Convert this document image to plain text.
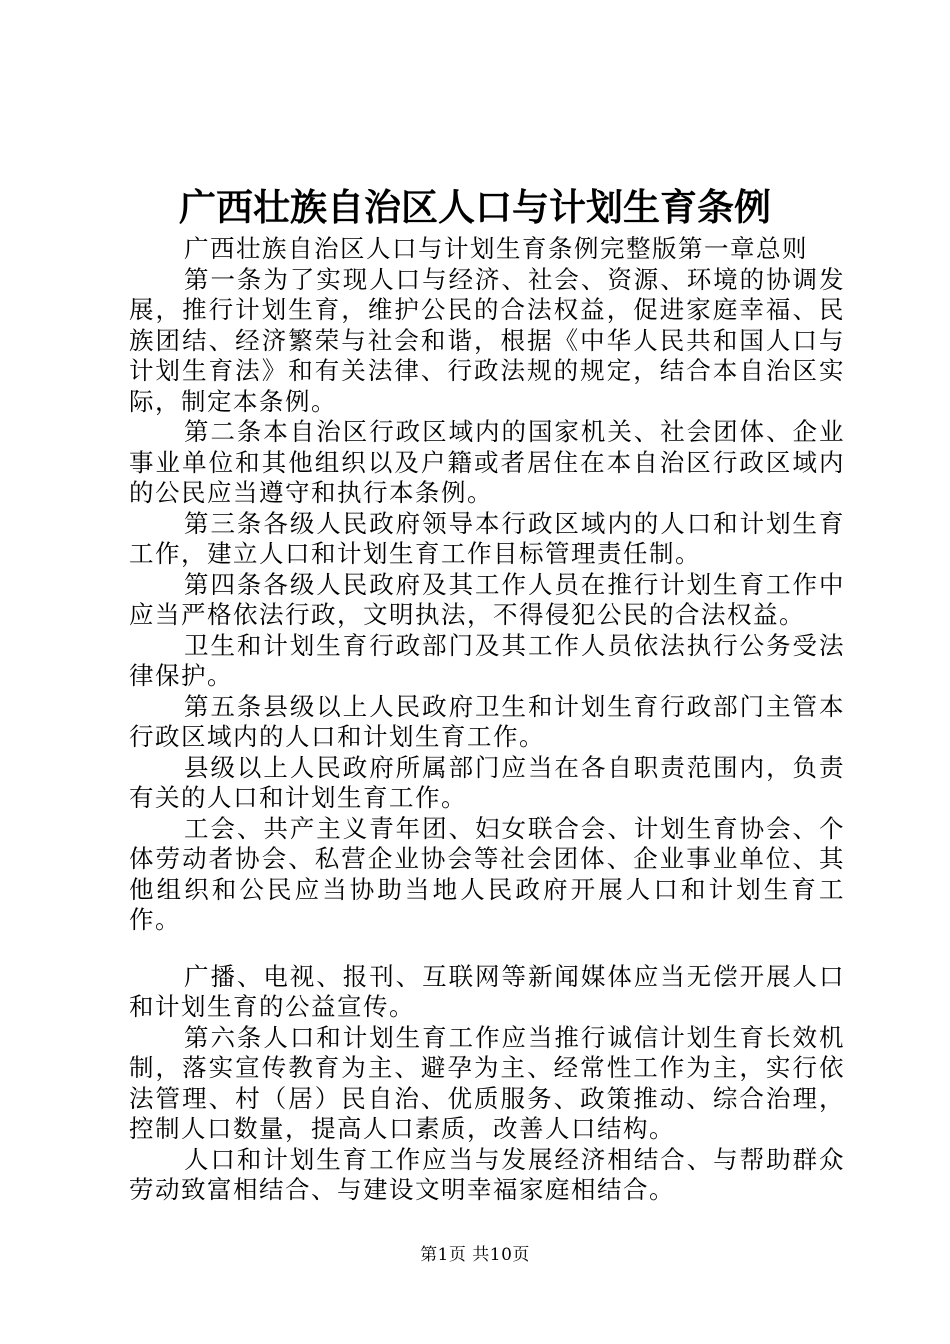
广西壮族自治区人口与计划生育条例

广西壮族自治区人口与计划生育条例完整版第一章总则

第一条为了实现人口与经济、社会、资源、环境的协调发展，推行计划生育，维护公民的合法权益，促进家庭幸福、民族团结、经济繁荣与社会和谐，根据《中华人民共和国人口与计划生育法》和有关法律、行政法规的规定，结合本自治区实际，制定本条例。

第二条本自治区行政区域内的国家机关、社会团体、企业事业单位和其他组织以及户籍或者居住在本自治区行政区域内的公民应当遵守和执行本条例。

第三条各级人民政府领导本行政区域内的人口和计划生育工作，建立人口和计划生育工作目标管理责任制。

第四条各级人民政府及其工作人员在推行计划生育工作中应当严格依法行政，文明执法，不得侵犯公民的合法权益。

卫生和计划生育行政部门及其工作人员依法执行公务受法律保护。

第五条县级以上人民政府卫生和计划生育行政部门主管本行政区域内的人口和计划生育工作。

县级以上人民政府所属部门应当在各自职责范围内，负责有关的人口和计划生育工作。

工会、共产主义青年团、妇女联合会、计划生育协会、个体劳动者协会、私营企业协会等社会团体、企业事业单位、其他组织和公民应当协助当地人民政府开展人口和计划生育工作。

广播、电视、报刊、互联网等新闻媒体应当无偿开展人口和计划生育的公益宣传。

第六条人口和计划生育工作应当推行诚信计划生育长效机制，落实宣传教育为主、避孕为主、经常性工作为主，实行依法管理、村（居）民自治、优质服务、政策推动、综合治理，控制人口数量，提高人口素质，改善人口结构。

人口和计划生育工作应当与发展经济相结合、与帮助群众劳动致富相结合、与建设文明幸福家庭相结合。

第1页 共10页
